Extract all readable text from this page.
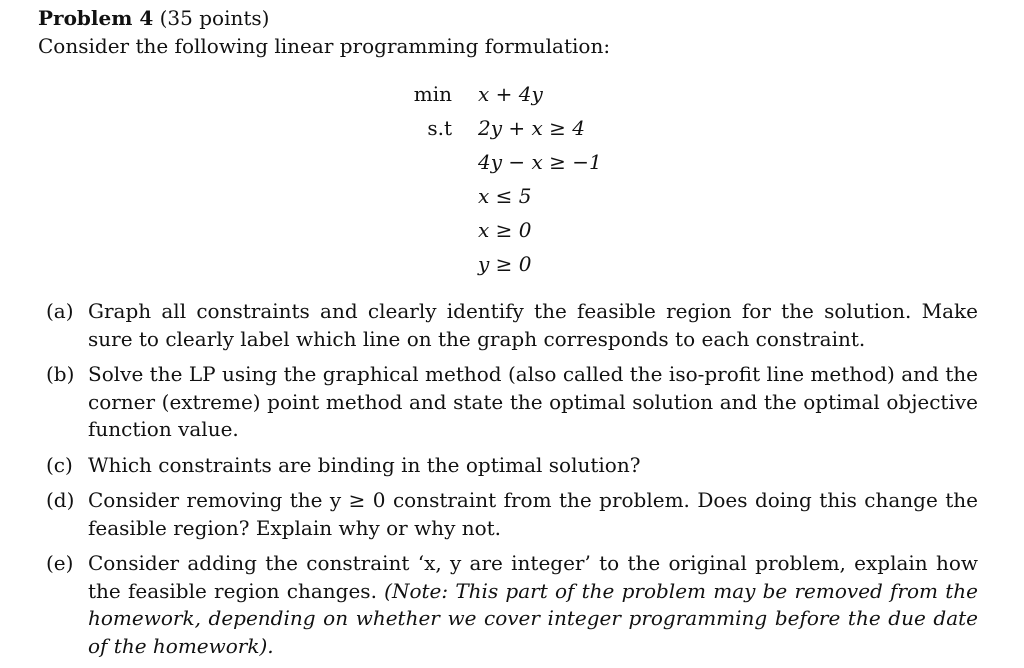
Problem 4 (35 points)
Consider the following linear programming formulation:
min x + 4y
s.t 2y + x ≥ 4
4y − x ≥ −1
x ≤ 5
x ≥ 0
y ≥ 0
(a) Graph all constraints and clearly identify the feasible region for the solution. Make sure to clearly label which line on the graph corresponds to each constraint.
(b) Solve the LP using the graphical method (also called the iso-profit line method) and the corner (extreme) point method and state the optimal solution and the optimal objective function value.
(c) Which constraints are binding in the optimal solution?
(d) Consider removing the y ≥ 0 constraint from the problem. Does doing this change the feasible region? Explain why or why not.
(e) Consider adding the constraint ‘x, y are integer’ to the original problem, explain how the feasible region changes. (Note: This part of the problem may be removed from the homework, depending on whether we cover integer programming before the due date of the homework).
